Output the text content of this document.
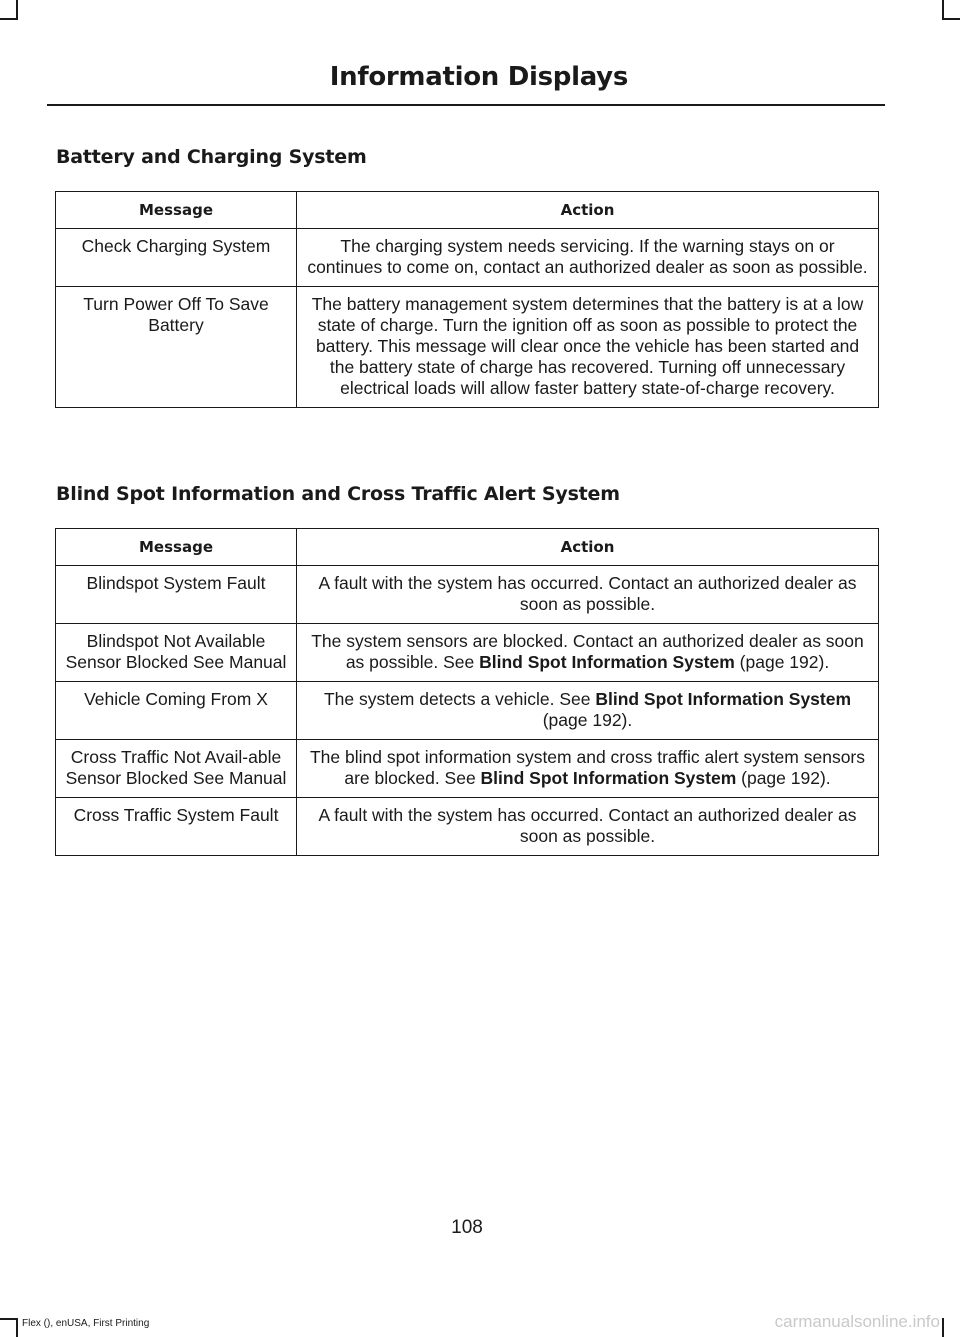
Information Displays
Battery and Charging System
Message	Action
Check Charging System	The charging system needs servicing. If the warning stays on or continues to come on, contact an authorized dealer as soon as possible.
Turn Power Off To Save Battery	The battery management system determines that the battery is at a low state of charge. Turn the ignition off as soon as possible to protect the battery. This message will clear once the vehicle has been started and the battery state of charge has recovered. Turning off unnecessary electrical loads will allow faster battery state-of-charge recovery.
Blind Spot Information and Cross Traffic Alert System
Message	Action
Blindspot System Fault	A fault with the system has occurred. Contact an authorized dealer as soon as possible.
Blindspot Not Available Sensor Blocked See Manual	The system sensors are blocked. Contact an authorized dealer as soon as possible. See Blind Spot Information System (page 192).
Vehicle Coming From X	The system detects a vehicle. See Blind Spot Information System (page 192).
Cross Traffic Not Avail-able Sensor Blocked See Manual	The blind spot information system and cross traffic alert system sensors are blocked. See Blind Spot Information System (page 192).
Cross Traffic System Fault	A fault with the system has occurred. Contact an authorized dealer as soon as possible.
108
Flex (), enUSA, First Printing	carmanualsonline.info
